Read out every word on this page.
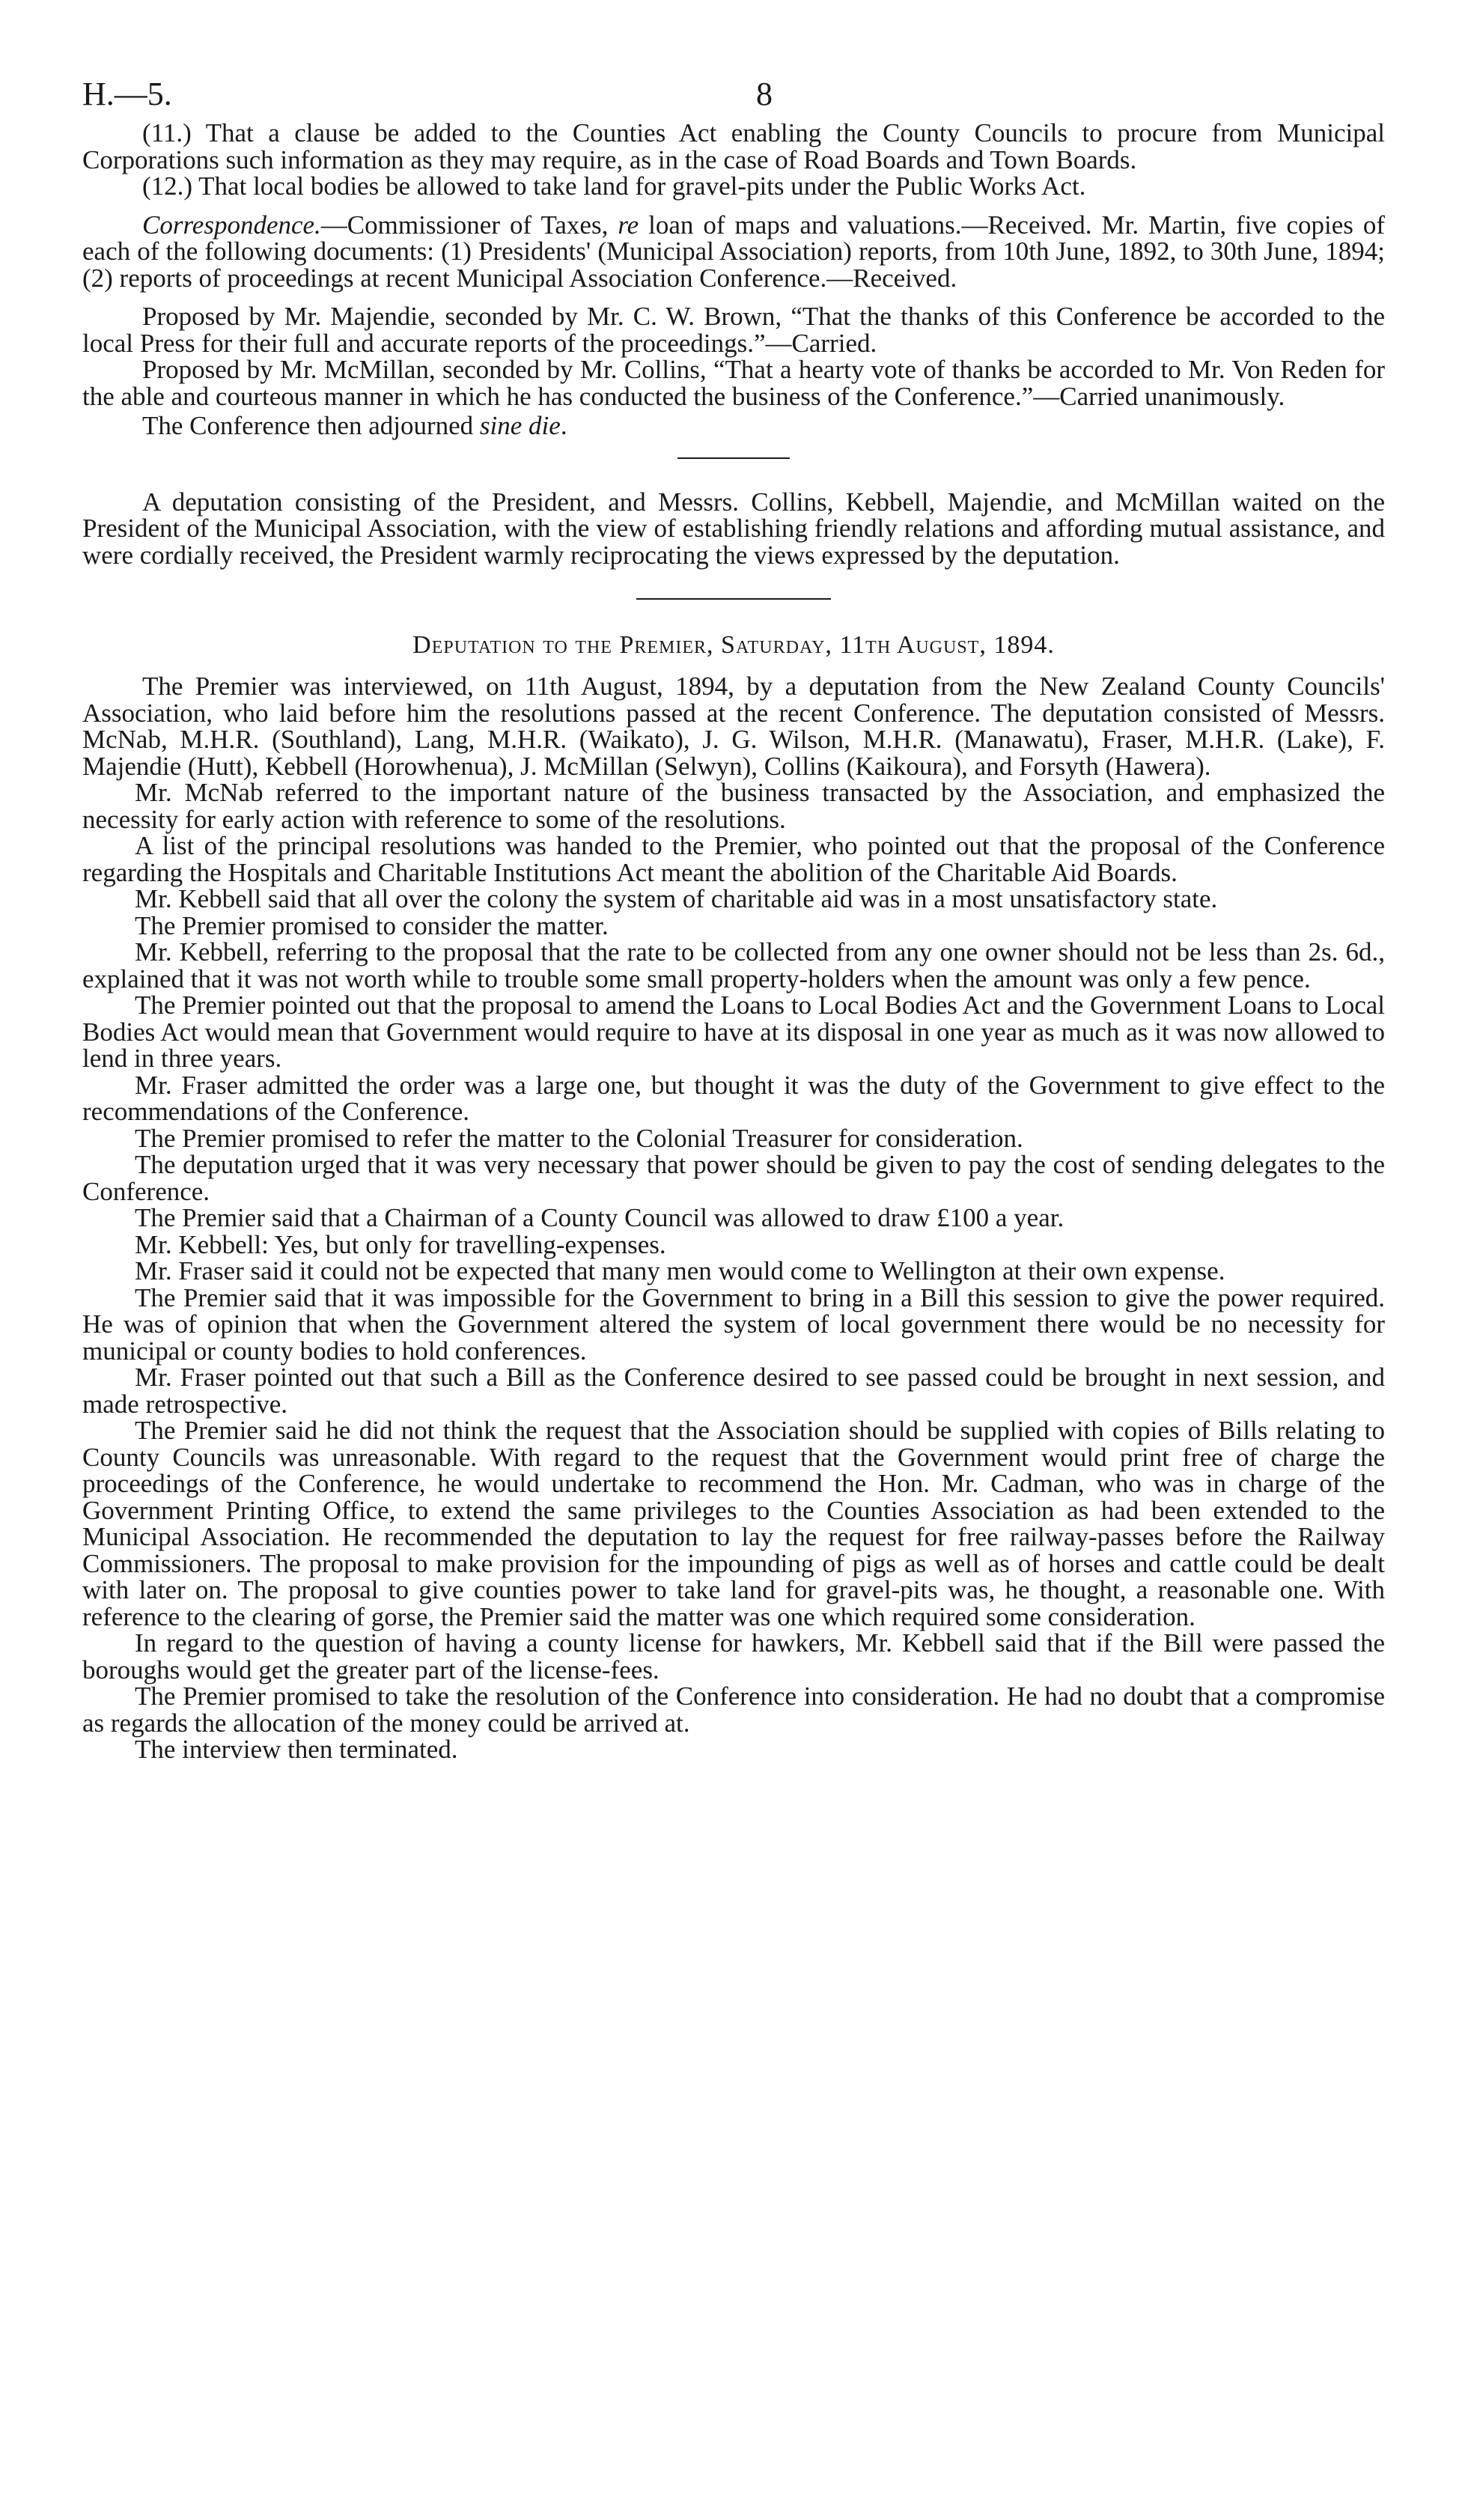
H.—5.	8

(11.) That a clause be added to the Counties Act enabling the County Councils to procure from Municipal Corporations such information as they may require, as in the case of Road Boards and Town Boards.

(12.) That local bodies be allowed to take land for gravel-pits under the Public Works Act.

Correspondence.—Commissioner of Taxes, re loan of maps and valuations.—Received. Mr. Martin, five copies of each of the following documents: (1) Presidents' (Municipal Association) reports, from 10th June, 1892, to 30th June, 1894; (2) reports of proceedings at recent Municipal Association Conference.—Received.

Proposed by Mr. Majendie, seconded by Mr. C. W. Brown, “That the thanks of this Conference be accorded to the local Press for their full and accurate reports of the proceedings.”—Carried.

Proposed by Mr. McMillan, seconded by Mr. Collins, “That a hearty vote of thanks be accorded to Mr. Von Reden for the able and courteous manner in which he has conducted the business of the Conference.”—Carried unanimously.

The Conference then adjourned sine die.

A deputation consisting of the President, and Messrs. Collins, Kebbell, Majendie, and McMillan waited on the President of the Municipal Association, with the view of establishing friendly relations and affording mutual assistance, and were cordially received, the President warmly reciprocating the views expressed by the deputation.

Deputation to the Premier, Saturday, 11th August, 1894.

The Premier was interviewed, on 11th August, 1894, by a deputation from the New Zealand County Councils' Association, who laid before him the resolutions passed at the recent Conference. The deputation consisted of Messrs. McNab, M.H.R. (Southland), Lang, M.H.R. (Waikato), J. G. Wilson, M.H.R. (Manawatu), Fraser, M.H.R. (Lake), F. Majendie (Hutt), Kebbell (Horowhenua), J. McMillan (Selwyn), Collins (Kaikoura), and Forsyth (Hawera).

Mr. McNab referred to the important nature of the business transacted by the Association, and emphasized the necessity for early action with reference to some of the resolutions.

A list of the principal resolutions was handed to the Premier, who pointed out that the proposal of the Conference regarding the Hospitals and Charitable Institutions Act meant the abolition of the Charitable Aid Boards.

Mr. Kebbell said that all over the colony the system of charitable aid was in a most unsatisfactory state.

The Premier promised to consider the matter.

Mr. Kebbell, referring to the proposal that the rate to be collected from any one owner should not be less than 2s. 6d., explained that it was not worth while to trouble some small property-holders when the amount was only a few pence.

The Premier pointed out that the proposal to amend the Loans to Local Bodies Act and the Government Loans to Local Bodies Act would mean that Government would require to have at its disposal in one year as much as it was now allowed to lend in three years.

Mr. Fraser admitted the order was a large one, but thought it was the duty of the Government to give effect to the recommendations of the Conference.

The Premier promised to refer the matter to the Colonial Treasurer for consideration.

The deputation urged that it was very necessary that power should be given to pay the cost of sending delegates to the Conference.

The Premier said that a Chairman of a County Council was allowed to draw £100 a year.

Mr. Kebbell: Yes, but only for travelling-expenses.

Mr. Fraser said it could not be expected that many men would come to Wellington at their own expense.

The Premier said that it was impossible for the Government to bring in a Bill this session to give the power required. He was of opinion that when the Government altered the system of local government there would be no necessity for municipal or county bodies to hold conferences.

Mr. Fraser pointed out that such a Bill as the Conference desired to see passed could be brought in next session, and made retrospective.

The Premier said he did not think the request that the Association should be supplied with copies of Bills relating to County Councils was unreasonable. With regard to the request that the Government would print free of charge the proceedings of the Conference, he would undertake to recommend the Hon. Mr. Cadman, who was in charge of the Government Printing Office, to extend the same privileges to the Counties Association as had been extended to the Municipal Association. He recommended the deputation to lay the request for free railway-passes before the Railway Commissioners. The proposal to make provision for the impounding of pigs as well as of horses and cattle could be dealt with later on. The proposal to give counties power to take land for gravel-pits was, he thought, a reasonable one. With reference to the clearing of gorse, the Premier said the matter was one which required some consideration.

In regard to the question of having a county license for hawkers, Mr. Kebbell said that if the Bill were passed the boroughs would get the greater part of the license-fees.

The Premier promised to take the resolution of the Conference into consideration. He had no doubt that a compromise as regards the allocation of the money could be arrived at.

The interview then terminated.
